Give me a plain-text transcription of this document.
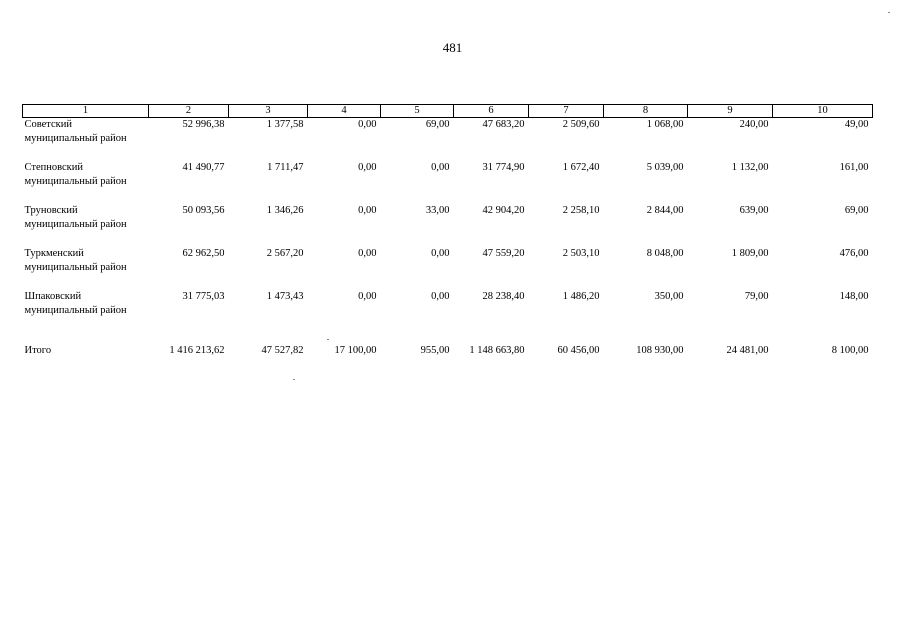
481
1	2	3	4	5	6	7	8	9	10
Советский муниципальный район	52 996,38	1 377,58	0,00	69,00	47 683,20	2 509,60	1 068,00	240,00	49,00
Степновский муниципальный район	41 490,77	1 711,47	0,00	0,00	31 774,90	1 672,40	5 039,00	1 132,00	161,00
Труновский муниципальный район	50 093,56	1 346,26	0,00	33,00	42 904,20	2 258,10	2 844,00	639,00	69,00
Туркменский муниципальный район	62 962,50	2 567,20	0,00	0,00	47 559,20	2 503,10	8 048,00	1 809,00	476,00
Шпаковский муниципальный район	31 775,03	1 473,43	0,00	0,00	28 238,40	1 486,20	350,00	79,00	148,00

Итого	1 416 213,62	47 527,82	17 100,00	955,00	1 148 663,80	60 456,00	108 930,00	24 481,00	8 100,00
